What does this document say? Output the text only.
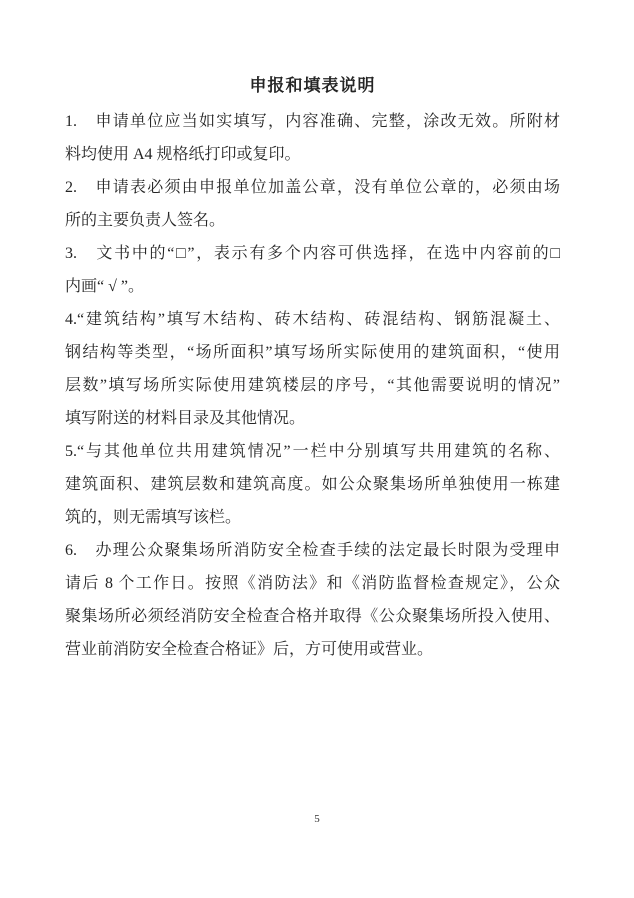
申报和填表说明
1.　申请单位应当如实填写，内容准确、完整，涂改无效。所附材
料均使用 A4 规格纸打印或复印。
2.　申请表必须由申报单位加盖公章，没有单位公章的，必须由场
所的主要负责人签名。
3.　文书中的“□”，表示有多个内容可供选择，在选中内容前的□
内画“ √ ”。
4.“建筑结构”填写木结构、砖木结构、砖混结构、钢筋混凝土、
钢结构等类型，“场所面积”填写场所实际使用的建筑面积，“使用
层数”填写场所实际使用建筑楼层的序号，“其他需要说明的情况”
填写附送的材料目录及其他情况。
5.“与其他单位共用建筑情况”一栏中分别填写共用建筑的名称、
建筑面积、建筑层数和建筑高度。如公众聚集场所单独使用一栋建
筑的，则无需填写该栏。
6.　办理公众聚集场所消防安全检查手续的法定最长时限为受理申
请后 8 个工作日。按照《消防法》和《消防监督检查规定》，公众
聚集场所必须经消防安全检查合格并取得《公众聚集场所投入使用、
营业前消防安全检查合格证》后，方可使用或营业。
5
